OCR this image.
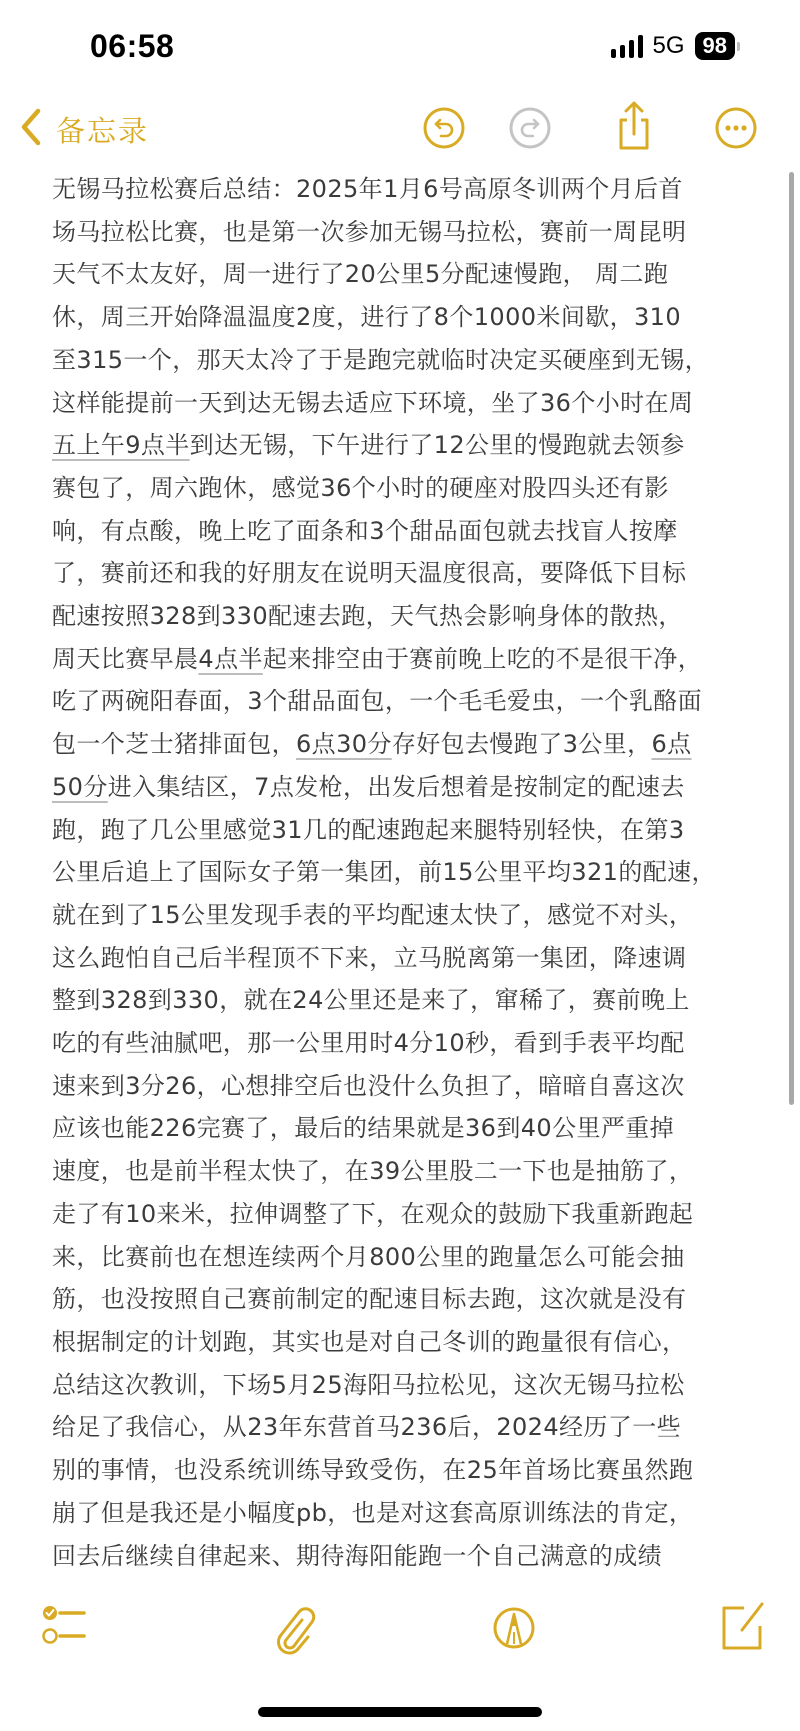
06:58	5G 98
备忘录
无锡马拉松赛后总结：2025年1月6号高原冬训两个月后首
场马拉松比赛，也是第一次参加无锡马拉松，赛前一周昆明
天气不太友好，周一进行了20公里5分配速慢跑， 周二跑
休，周三开始降温温度2度，进行了8个1000米间歇，310
至315一个，那天太冷了于是跑完就临时决定买硬座到无锡，
这样能提前一天到达无锡去适应下环境，坐了36个小时在周
五上午9点半到达无锡，下午进行了12公里的慢跑就去领参
赛包了，周六跑休，感觉36个小时的硬座对股四头还有影
响，有点酸，晚上吃了面条和3个甜品面包就去找盲人按摩
了，赛前还和我的好朋友在说明天温度很高，要降低下目标
配速按照328到330配速去跑，天气热会影响身体的散热，
周天比赛早晨4点半起来排空由于赛前晚上吃的不是很干净，
吃了两碗阳春面，3个甜品面包，一个毛毛爱虫，一个乳酪面
包一个芝士猪排面包，6点30分存好包去慢跑了3公里，6点
50分进入集结区，7点发枪，出发后想着是按制定的配速去
跑，跑了几公里感觉31几的配速跑起来腿特别轻快，在第3
公里后追上了国际女子第一集团，前15公里平均321的配速，
就在到了15公里发现手表的平均配速太快了，感觉不对头，
这么跑怕自己后半程顶不下来，立马脱离第一集团，降速调
整到328到330，就在24公里还是来了，窜稀了，赛前晚上
吃的有些油腻吧，那一公里用时4分10秒，看到手表平均配
速来到3分26，心想排空后也没什么负担了，暗暗自喜这次
应该也能226完赛了，最后的结果就是36到40公里严重掉
速度，也是前半程太快了，在39公里股二一下也是抽筋了，
走了有10来米，拉伸调整了下，在观众的鼓励下我重新跑起
来，比赛前也在想连续两个月800公里的跑量怎么可能会抽
筋，也没按照自己赛前制定的配速目标去跑，这次就是没有
根据制定的计划跑，其实也是对自己冬训的跑量很有信心，
总结这次教训，下场5月25海阳马拉松见，这次无锡马拉松
给足了我信心，从23年东营首马236后，2024经历了一些
别的事情，也没系统训练导致受伤，在25年首场比赛虽然跑
崩了但是我还是小幅度pb，也是对这套高原训练法的肯定，
回去后继续自律起来、期待海阳能跑一个自己满意的成绩
